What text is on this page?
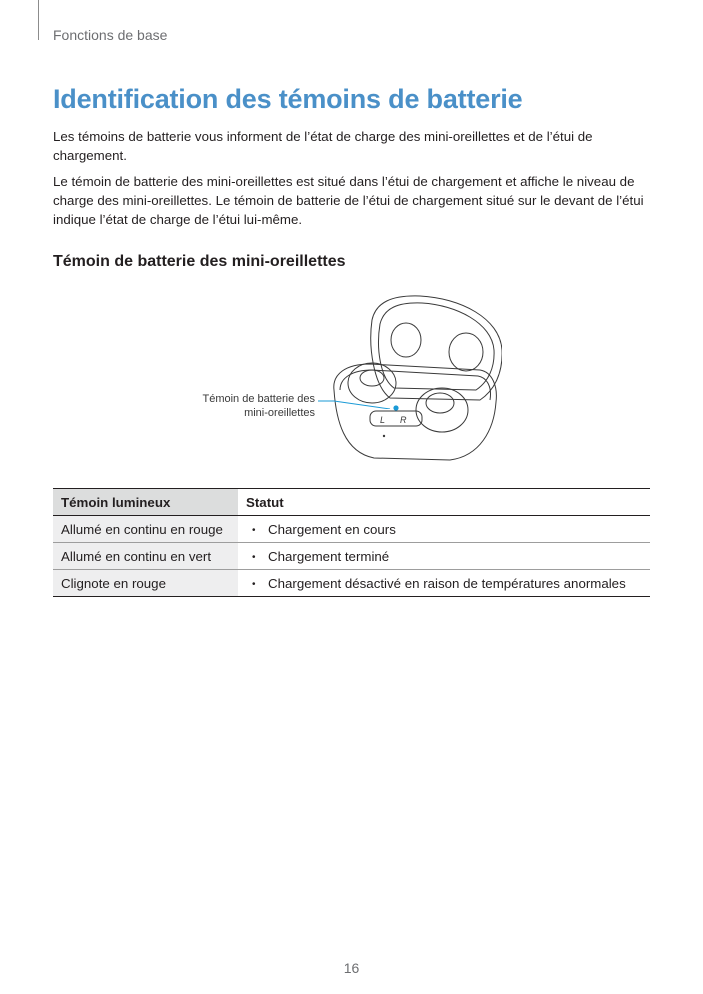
Fonctions de base
Identification des témoins de batterie

Les témoins de batterie vous informent de l’état de charge des mini-oreillettes et de l’étui de chargement.

Le témoin de batterie des mini-oreillettes est situé dans l’étui de chargement et affiche le niveau de charge des mini-oreillettes. Le témoin de batterie de l’étui de chargement situé sur le devant de l’étui indique l’état de charge de l’étui lui-même.

Témoin de batterie des mini-oreillettes
L R
Témoin de batterie des
mini-oreillettes
Témoin lumineux	Statut
Allumé en continu en rouge	• Chargement en cours
Allumé en continu en vert	• Chargement terminé
Clignote en rouge	• Chargement désactivé en raison de températures anormales
16
